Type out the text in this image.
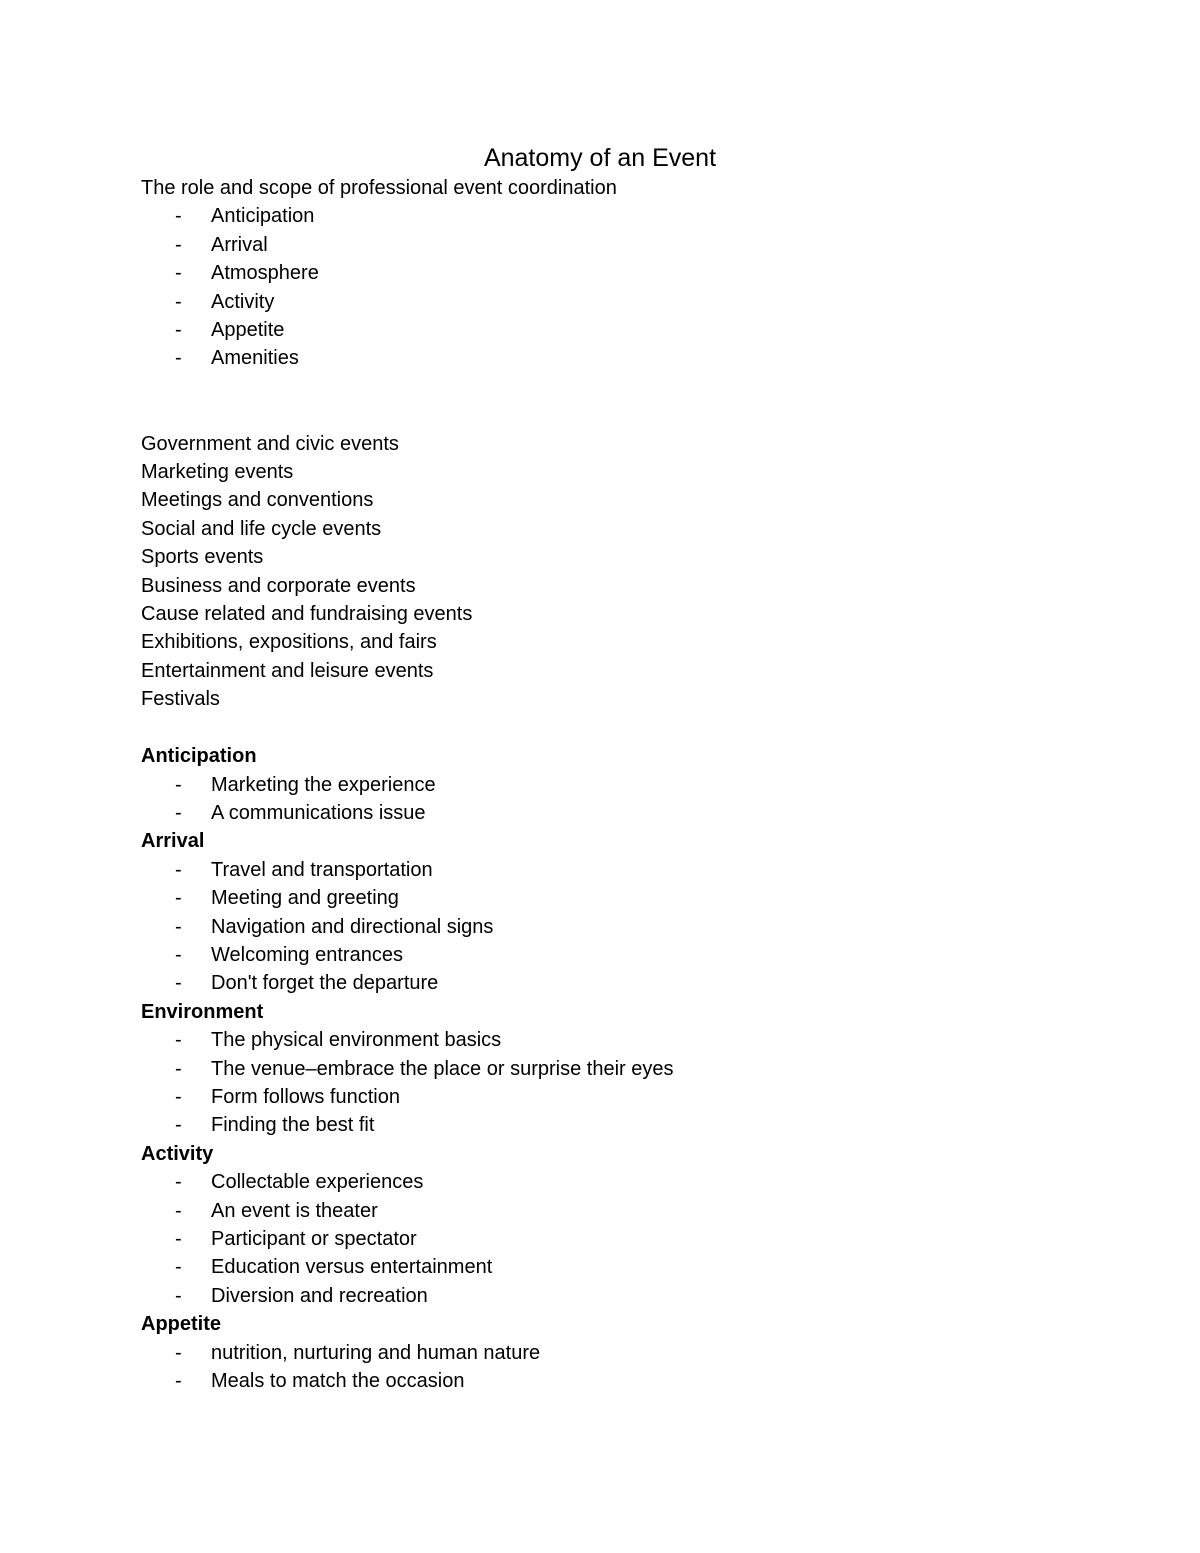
Anatomy of an Event

The role and scope of professional event coordination

- Anticipation
- Arrival
- Atmosphere
- Activity
- Appetite
- Amenities

Government and civic events

Marketing events

Meetings and conventions

Social and life cycle events

Sports events

Business and corporate events

Cause related and fundraising events

Exhibitions, expositions, and fairs

Entertainment and leisure events

Festivals

Anticipation

- Marketing the experience
- A communications issue

Arrival

- Travel and transportation
- Meeting and greeting
- Navigation and directional signs
- Welcoming entrances
- Don't forget the departure

Environment

- The physical environment basics
- The venue–embrace the place or surprise their eyes
- Form follows function
- Finding the best fit

Activity

- Collectable experiences
- An event is theater
- Participant or spectator
- Education versus entertainment
- Diversion and recreation

Appetite

- nutrition, nurturing and human nature
- Meals to match the occasion
